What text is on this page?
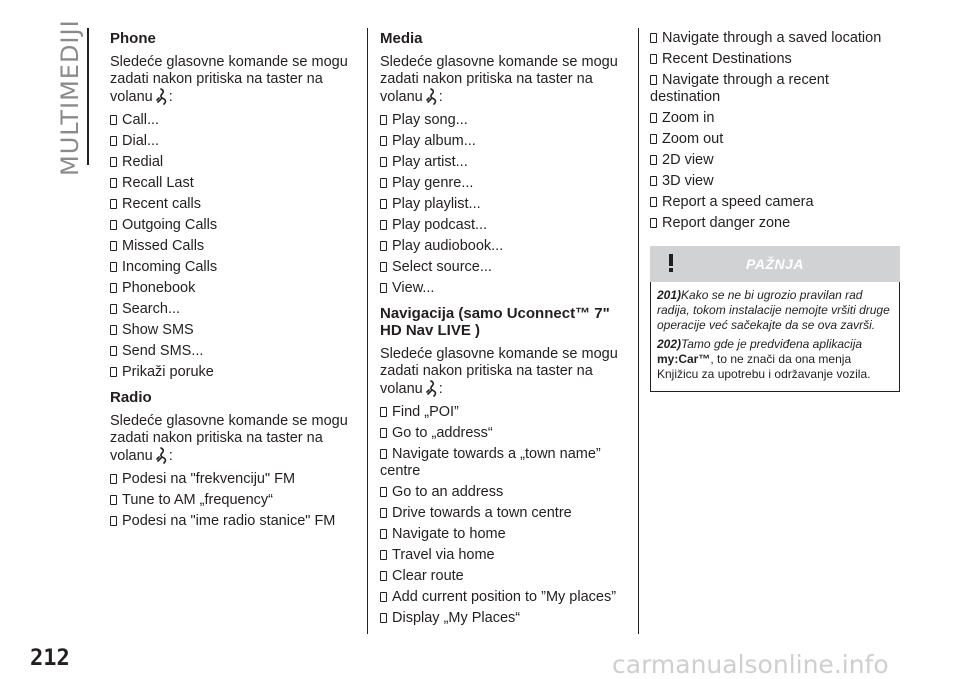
MULTIMEDIJI Phone

Sledeće glasovne komande se mogu zadati nakon pritiska na taster na volanu :

Call...
Dial...
Redial
Recall Last
Recent calls
Outgoing Calls
Missed Calls
Incoming Calls
Phonebook
Search...
Show SMS
Send SMS...
Prikaži poruke
Radio

Sledeće glasovne komande se mogu zadati nakon pritiska na taster na volanu :

Podesi na "frekvenciju" FM
Tune to AM „frequency“
Podesi na "ime radio stanice" FM
Media

Sledeće glasovne komande se mogu zadati nakon pritiska na taster na volanu :

Play song...
Play album...
Play artist...
Play genre...
Play playlist...
Play podcast...
Play audiobook...
Select source...
View...
Navigacija (samo Uconnect™ 7" HD Nav LIVE )

Sledeće glasovne komande se mogu zadati nakon pritiska na taster na volanu :

Find „POI”
Go to „address“
Navigate towards a „town name” centre
Go to an address
Drive towards a town centre
Navigate to home
Travel via home
Clear route
Add current position to ”My places”
Display „My Places“
Navigate through a saved location
Recent Destinations
Navigate through a recent destination
Zoom in
Zoom out
2D view
3D view
Report a speed camera
Report danger zone
PAŽNJA

201)Kako se ne bi ugrozio pravilan rad radija, tokom instalacije nemojte vršiti druge operacije već sačekajte da se ova završi.

202)Tamo gde je predviđena aplikacija
my:Car™, to ne znači da ona menja Knjižicu za upotrebu i održavanje vozila.

212	carmanualsonline.info
